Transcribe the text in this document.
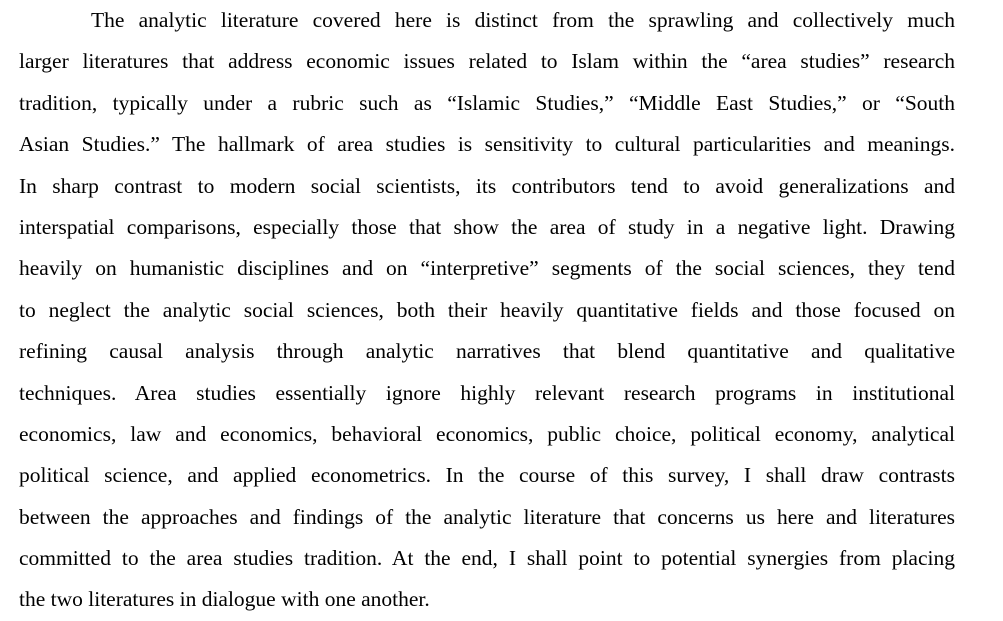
The analytic literature covered here is distinct from the sprawling and collectively much
larger literatures that address economic issues related to Islam within the “area studies” research
tradition, typically under a rubric such as “Islamic Studies,” “Middle East Studies,” or “South
Asian Studies.” The hallmark of area studies is sensitivity to cultural particularities and meanings.
In sharp contrast to modern social scientists, its contributors tend to avoid generalizations and
interspatial comparisons, especially those that show the area of study in a negative light. Drawing
heavily on humanistic disciplines and on “interpretive” segments of the social sciences, they tend
to neglect the analytic social sciences, both their heavily quantitative fields and those focused on
refining causal analysis through analytic narratives that blend quantitative and qualitative
techniques. Area studies essentially ignore highly relevant research programs in institutional
economics, law and economics, behavioral economics, public choice, political economy, analytical
political science, and applied econometrics. In the course of this survey, I shall draw contrasts
between the approaches and findings of the analytic literature that concerns us here and literatures
committed to the area studies tradition. At the end, I shall point to potential synergies from placing
the two literatures in dialogue with one another.
